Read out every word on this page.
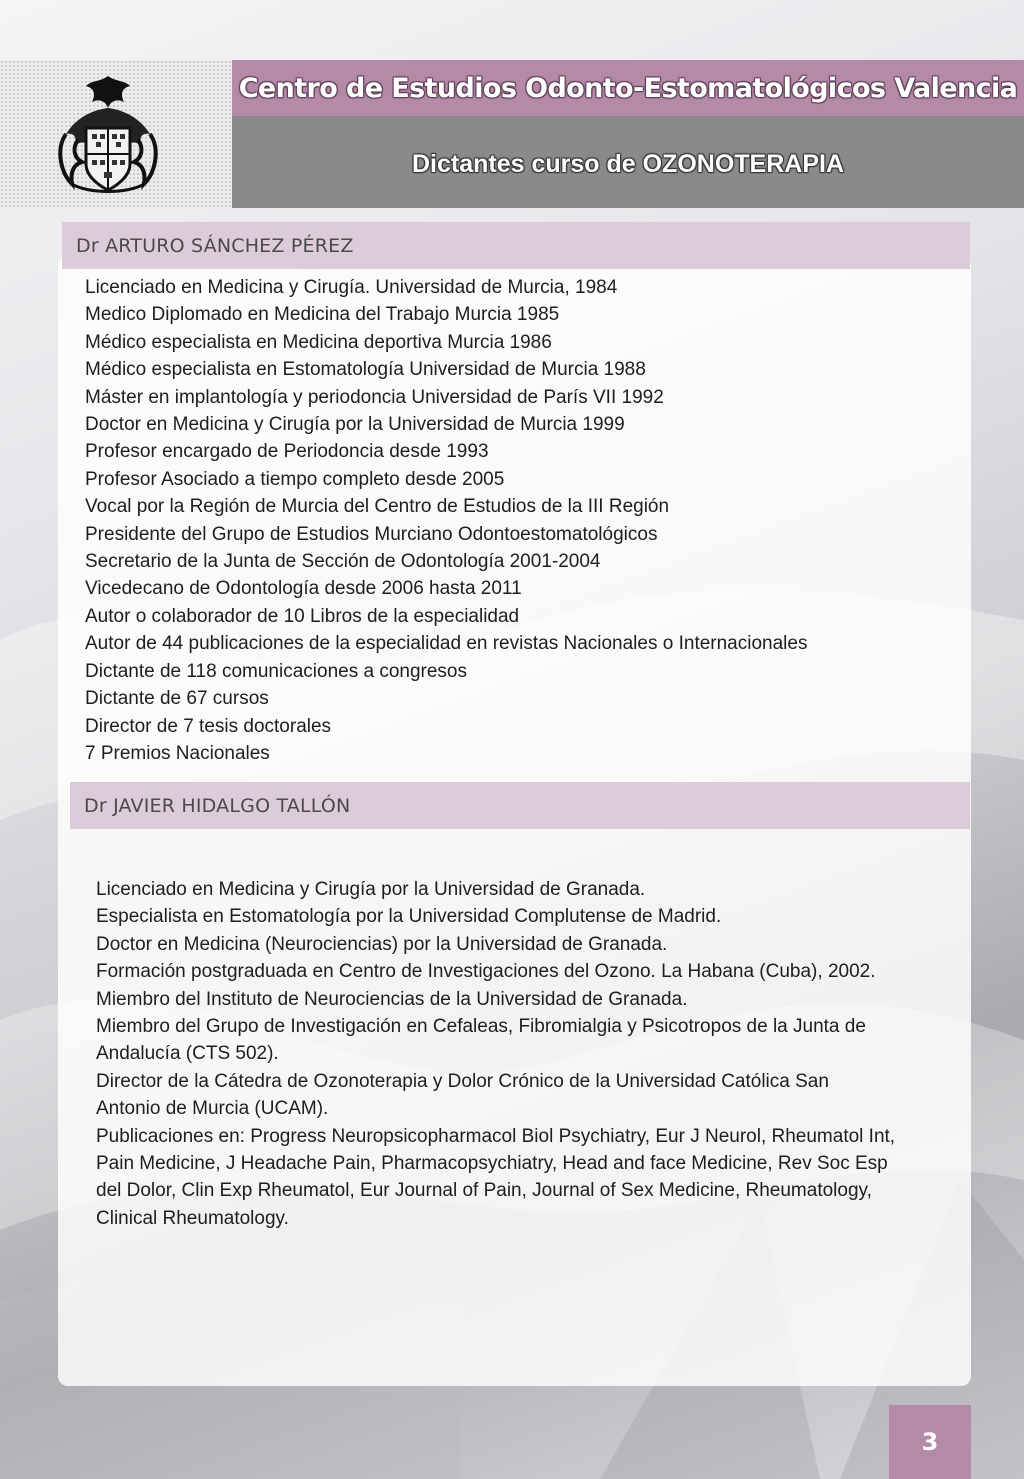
Centro de Estudios Odonto-Estomatológicos Valencia
Dictantes curso de OZONOTERAPIA
Dr ARTURO SÁNCHEZ PÉREZ
Licenciado en Medicina y Cirugía. Universidad de Murcia, 1984
Medico Diplomado en Medicina del Trabajo Murcia 1985
Médico especialista en Medicina deportiva Murcia 1986
Médico especialista en Estomatología Universidad de Murcia 1988
Máster en implantología y periodoncia Universidad de París VII 1992
Doctor en Medicina y Cirugía por la Universidad de Murcia 1999
Profesor encargado de Periodoncia desde 1993
Profesor Asociado a tiempo completo desde 2005
Vocal por la Región de Murcia del Centro de Estudios de la III Región
Presidente del Grupo de Estudios Murciano Odontoestomatológicos
Secretario de la Junta de Sección de Odontología 2001-2004
Vicedecano de Odontología desde 2006 hasta 2011
Autor o colaborador de 10 Libros de la especialidad
Autor de 44 publicaciones de la especialidad en revistas Nacionales o Internacionales
Dictante de 118 comunicaciones a congresos
Dictante de 67 cursos
Director de 7 tesis doctorales
7 Premios Nacionales
Dr JAVIER HIDALGO TALLÓN
Licenciado en Medicina y Cirugía por la Universidad de Granada.
Especialista en Estomatología por la Universidad Complutense de Madrid.
Doctor en Medicina (Neurociencias) por la Universidad de Granada.
Formación postgraduada en Centro de Investigaciones del Ozono. La Habana (Cuba), 2002.
Miembro del Instituto de Neurociencias de la Universidad de Granada.
Miembro del Grupo de Investigación en Cefaleas, Fibromialgia y Psicotropos de la Junta de
Andalucía (CTS 502).
Director de la Cátedra de Ozonoterapia y Dolor Crónico de la Universidad Católica San
Antonio de Murcia (UCAM).
Publicaciones en: Progress Neuropsicopharmacol Biol Psychiatry, Eur J Neurol, Rheumatol Int,
Pain Medicine, J Headache Pain, Pharmacopsychiatry, Head and face Medicine, Rev Soc Esp
del Dolor, Clin Exp Rheumatol, Eur Journal of Pain, Journal of Sex Medicine, Rheumatology,
Clinical Rheumatology.
3
